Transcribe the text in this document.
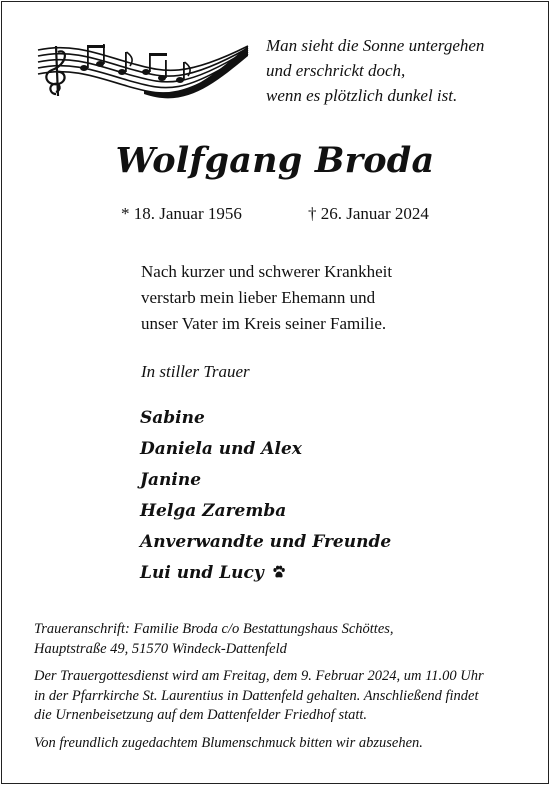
Man sieht die Sonne untergehen
und erschrickt doch,
wenn es plötzlich dunkel ist.
Wolfgang Broda
* 18. Januar 1956	† 26. Januar 2024
Nach kurzer und schwerer Krankheit
verstarb mein lieber Ehemann und
unser Vater im Kreis seiner Familie.
In stiller Trauer
Sabine
Daniela und Alex
Janine
Helga Zaremba
Anverwandte und Freunde
Lui und Lucy

Traueranschrift: Familie Broda c/o Bestattungshaus Schöttes,
Hauptstraße 49, 51570 Windeck-Dattenfeld

Der Trauergottesdienst wird am Freitag, dem 9. Februar 2024, um 11.00 Uhr
in der Pfarrkirche St. Laurentius in Dattenfeld gehalten. Anschließend findet
die Urnenbeisetzung auf dem Dattenfelder Friedhof statt.

Von freundlich zugedachtem Blumenschmuck bitten wir abzusehen.
